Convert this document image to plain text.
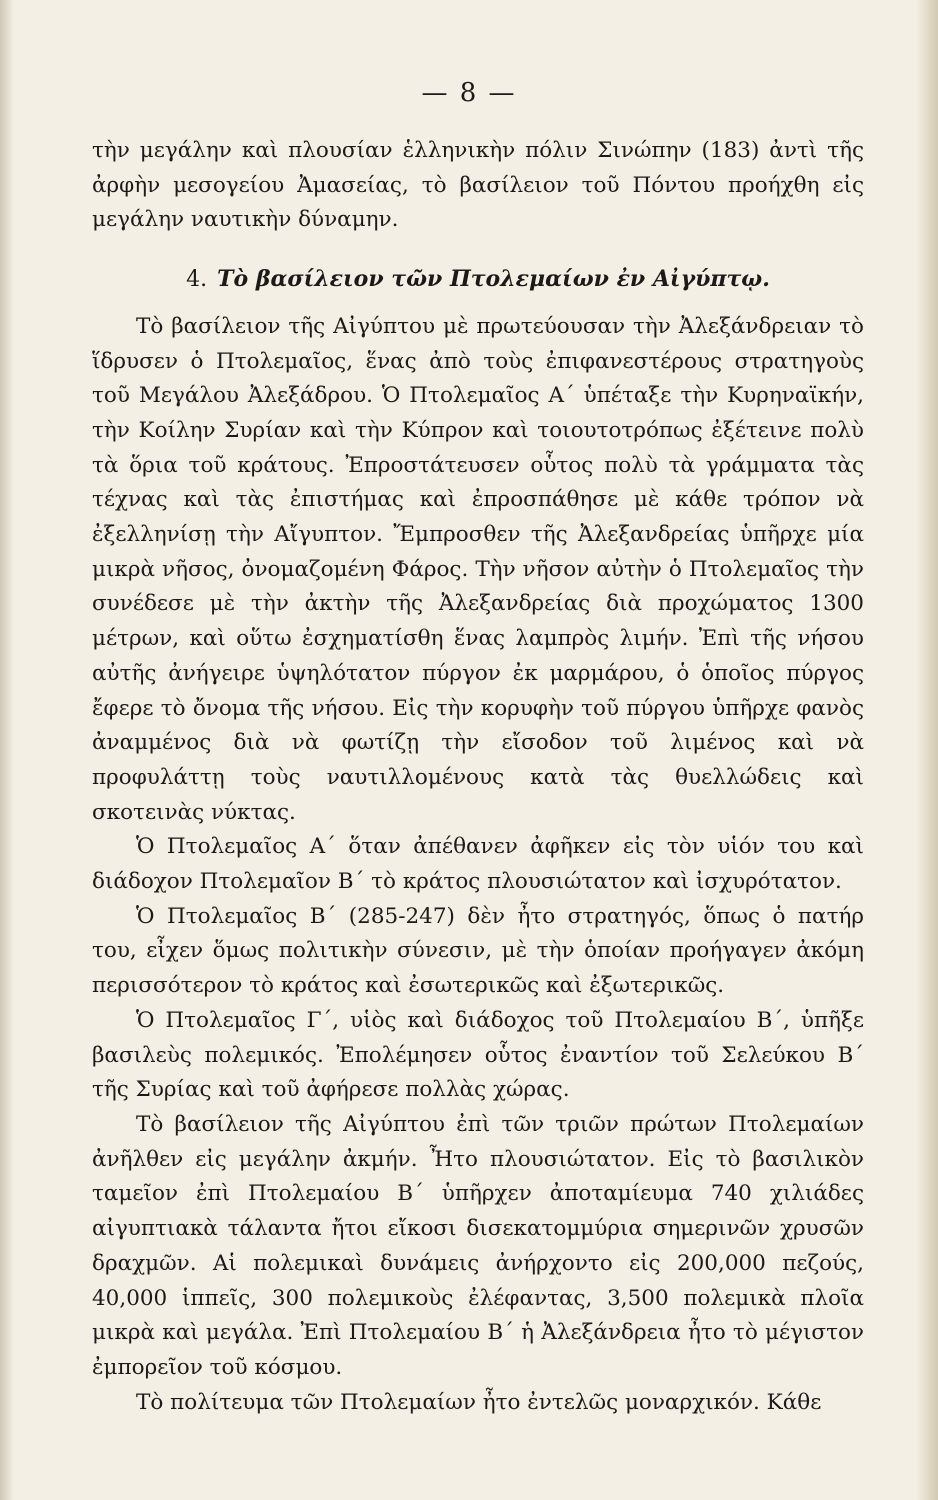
— 8 —

τὴν μεγάλην καὶ πλουσίαν ἑλληνικὴν πόλιν Σινώπην (183) ἀντὶ τῆς ἀρφὴν μεσογείου Ἀμασείας, τὸ βασίλειον τοῦ Πόντου προήχθη εἰς μεγάλην ναυτικὴν δύναμην.

4. Τὸ βασίλειον τῶν Πτολεμαίων ἐν Αἰγύπτῳ.

Τὸ βασίλειον τῆς Αἰγύπτου μὲ πρωτεύουσαν τὴν Ἀλεξάνδρειαν τὸ ἵδρυσεν ὁ Πτολεμαῖος, ἕνας ἀπὸ τοὺς ἐπιφανεστέρους στρατηγοὺς τοῦ Μεγάλου Ἀλεξάδρου. Ὁ Πτολεμαῖος Α΄ ὑπέταξε τὴν Κυρηναϊκήν, τὴν Κοίλην Συρίαν καὶ τὴν Κύπρον καὶ τοιουτοτρόπως ἐξέτεινε πολὺ τὰ ὅρια τοῦ κράτους. Ἐπροστάτευσεν οὗτος πολὺ τὰ γράμματα τὰς τέχνας καὶ τὰς ἐπιστήμας καὶ ἐπροσπάθησε μὲ κάθε τρόπον νὰ ἐξελληνίσῃ τὴν Αἴγυπτον. Ἔμπροσθεν τῆς Ἀλεξανδρείας ὑπῆρχε μία μικρὰ νῆσος, ὀνομαζομένη Φάρος. Τὴν νῆσον αὐτὴν ὁ Πτολεμαῖος τὴν συνέδεσε μὲ τὴν ἀκτὴν τῆς Ἀλεξανδρείας διὰ προχώματος 1300 μέτρων, καὶ οὕτω ἐσχηματίσθη ἕνας λαμπρὸς λιμήν. Ἐπὶ τῆς νήσου αὐτῆς ἀνήγειρε ὑψηλότατον πύργον ἐκ μαρμάρου, ὁ ὁποῖος πύργος ἔφερε τὸ ὄνομα τῆς νήσου. Εἰς τὴν κορυφὴν τοῦ πύργου ὑπῆρχε φανὸς ἀναμμένος διὰ νὰ φωτίζῃ τὴν εἴσοδον τοῦ λιμένος καὶ νὰ προφυλάττῃ τοὺς ναυτιλλομένους κατὰ τὰς θυελλώδεις καὶ σκοτεινὰς νύκτας.

Ὁ Πτολεμαῖος Α΄ ὅταν ἀπέθανεν ἀφῆκεν εἰς τὸν υἱόν του καὶ διάδοχον Πτολεμαῖον Β΄ τὸ κράτος πλουσιώτατον καὶ ἰσχυρότατον.

Ὁ Πτολεμαῖος Β΄ (285-247) δὲν ἦτο στρατηγός, ὅπως ὁ πατήρ του, εἶχεν ὅμως πολιτικὴν σύνεσιν, μὲ τὴν ὁποίαν προήγαγεν ἀκόμη περισσότερον τὸ κράτος καὶ ἐσωτερικῶς καὶ ἐξωτερικῶς.

Ὁ Πτολεμαῖος Γ΄, υἱὸς καὶ διάδοχος τοῦ Πτολεμαίου Β΄, ὑπῆξε βασιλεὺς πολεμικός. Ἐπολέμησεν οὗτος ἐναντίον τοῦ Σελεύκου Β΄ τῆς Συρίας καὶ τοῦ ἀφήρεσε πολλὰς χώρας.

Τὸ βασίλειον τῆς Αἰγύπτου ἐπὶ τῶν τριῶν πρώτων Πτολεμαίων ἀνῆλθεν εἰς μεγάλην ἀκμήν. Ἦτο πλουσιώτατον. Εἰς τὸ βασιλικὸν ταμεῖον ἐπὶ Πτολεμαίου Β΄ ὑπῆρχεν ἀποταμίευμα 740 χιλιάδες αἰγυπτιακὰ τάλαντα ἤτοι εἴκοσι δισεκατομμύρια σημερινῶν χρυσῶν δραχμῶν. Αἱ πολεμικαὶ δυνάμεις ἀνήρχοντο εἰς 200,000 πεζούς, 40,000 ἱππεῖς, 300 πολεμικοὺς ἐλέφαντας, 3,500 πολεμικὰ πλοῖα μικρὰ καὶ μεγάλα. Ἐπὶ Πτολεμαίου Β΄ ἡ Ἀλεξάνδρεια ἦτο τὸ μέγιστον ἐμπορεῖον τοῦ κόσμου.

Τὸ πολίτευμα τῶν Πτολεμαίων ἦτο ἐντελῶς μοναρχικόν. Κάθε
